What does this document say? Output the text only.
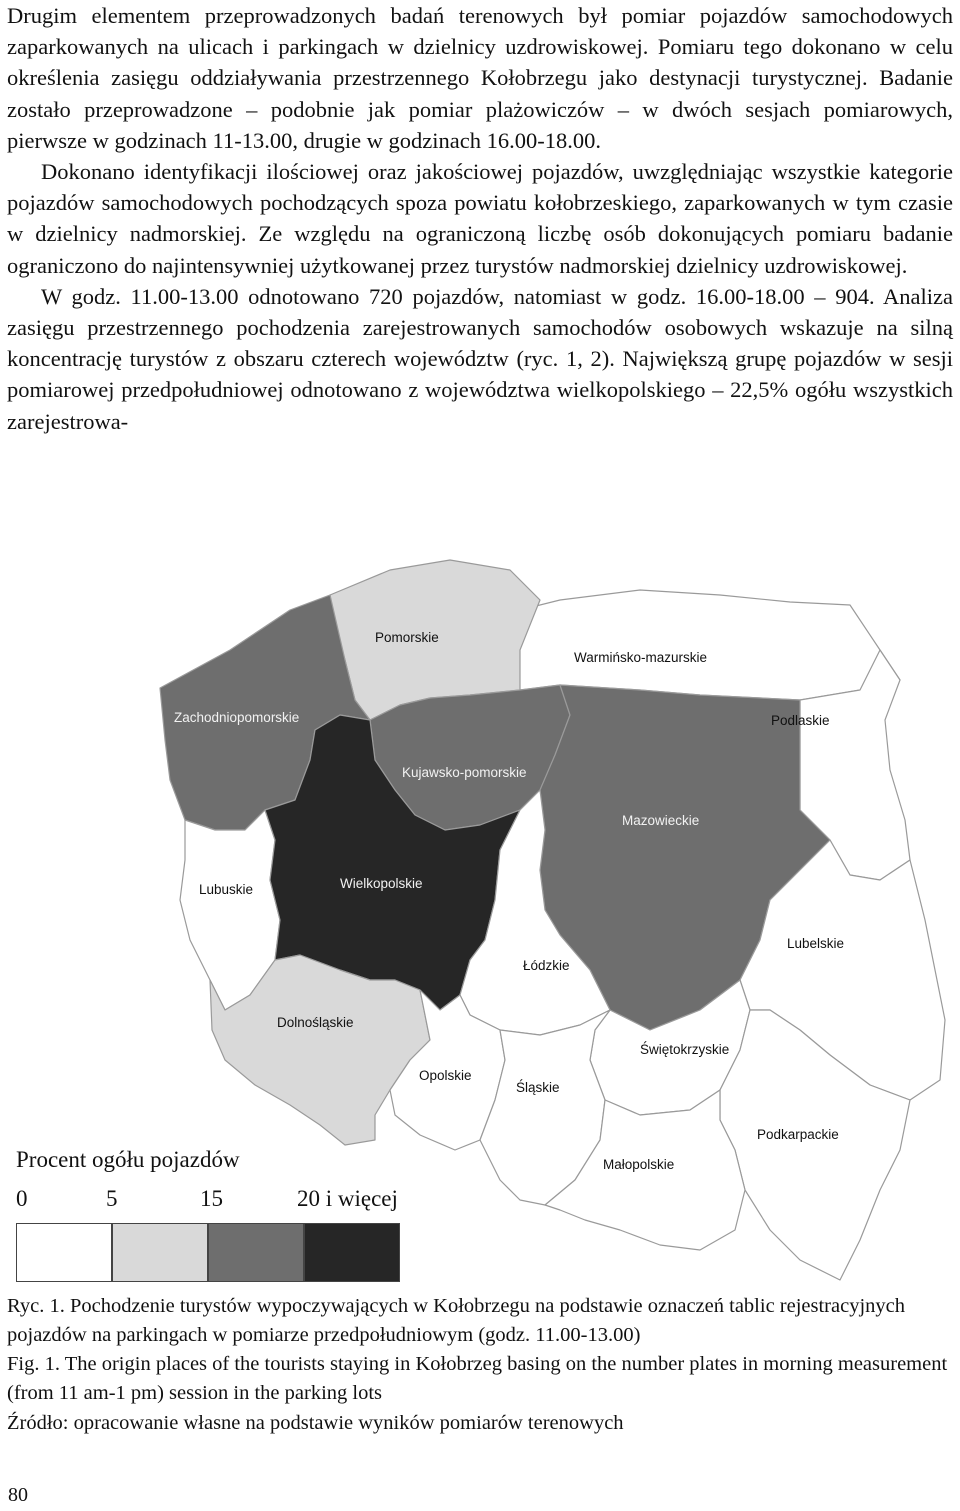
Drugim elementem przeprowadzonych badań terenowych był pomiar pojazdów samochodowych zaparkowanych na ulicach i parkingach w dzielnicy uzdrowiskowej. Pomiaru tego dokonano w celu określenia zasięgu oddziaływania przestrzennego Kołobrzegu jako destynacji turystycznej. Badanie zostało przeprowadzone – podobnie jak pomiar plażowiczów – w dwóch sesjach pomiarowych, pierwsze w godzinach 11-13.00, drugie w godzinach 16.00-18.00.

Dokonano identyfikacji ilościowej oraz jakościowej pojazdów, uwzględniając wszystkie kategorie pojazdów samochodowych pochodzących spoza powiatu kołobrzeskiego, zaparkowanych w tym czasie w dzielnicy nadmorskiej. Ze względu na ograniczoną liczbę osób dokonujących pomiaru badanie ograniczono do najintensywniej użytkowanej przez turystów nadmorskiej dzielnicy uzdrowiskowej.

W godz. 11.00-13.00 odnotowano 720 pojazdów, natomiast w godz. 16.00-18.00 – 904. Analiza zasięgu przestrzennego pochodzenia zarejestrowanych samochodów osobowych wskazuje na silną koncentrację turystów z obszaru czterech województw (ryc. 1, 2). Największą grupę pojazdów w sesji pomiarowej przedpołudniowej odnotowano z województwa wielkopolskiego – 22,5% ogółu wszystkich zarejestrowa-

Pomorskie
Warmińsko-mazurskie
Zachodniopomorskie	Podlaskie
Kujawsko-pomorskie
Mazowieckie
Lubuskie	Wielkopolskie
Lubelskie
Łódzkie
Dolnośląskie
Świętokrzyskie
Opolskie
Śląskie
Podkarpackie
Małopolskie
Procent ogółu pojazdów
0	5	15	20 i więcej

Ryc. 1. Pochodzenie turystów wypoczywających w Kołobrzegu na podstawie oznaczeń tablic rejestracyjnych pojazdów na parkingach w pomiarze przedpołudniowym (godz. 11.00-13.00)

Fig. 1. The origin places of the tourists staying in Kołobrzeg basing on the number plates in morning measurement (from 11 am-1 pm) session in the parking lots

Źródło: opracowanie własne na podstawie wyników pomiarów terenowych
80
